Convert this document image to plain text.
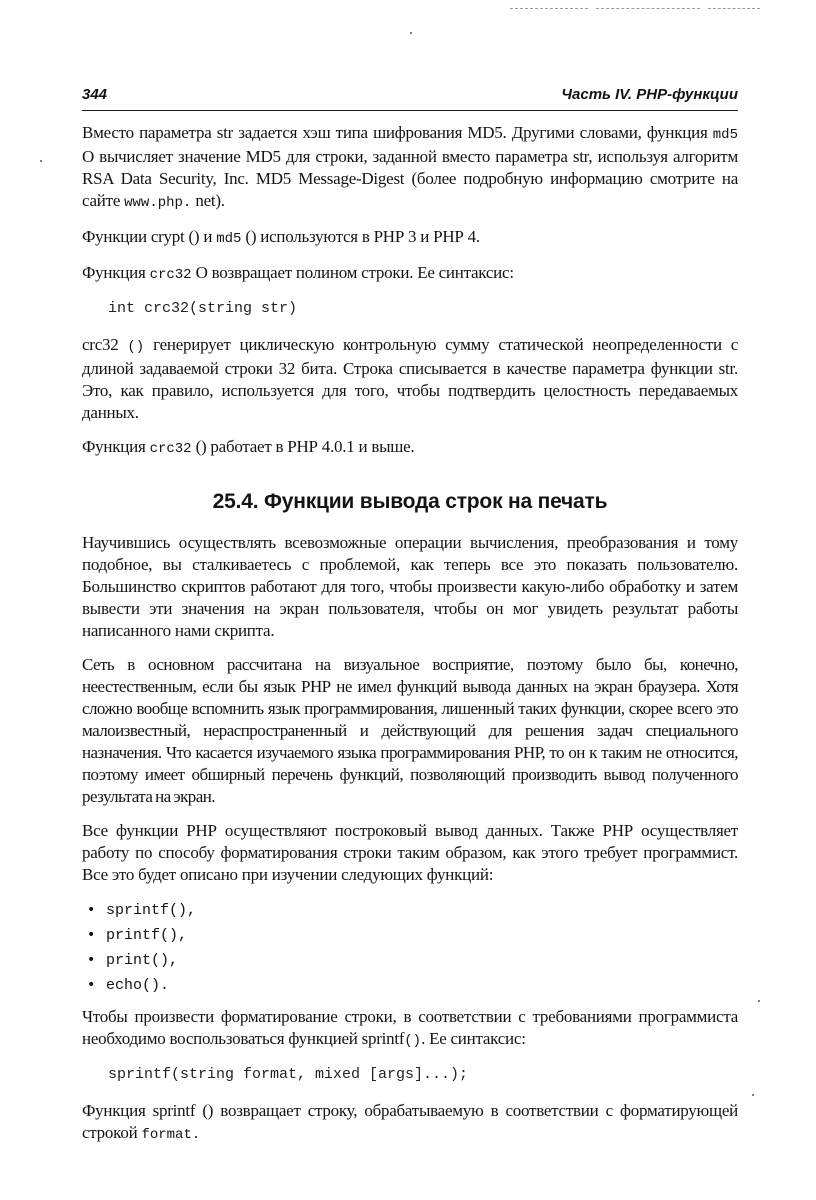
344	Часть IV. РНР-функции

Вместо параметра str задается хэш типа шифрования MD5. Другими словами, функция md5 O вычисляет значение MD5 для строки, заданной вместо параметра str, используя алгоритм RSA Data Security, Inc. MD5 Message-Digest (более подробную информацию смотрите на сайте www.php. net).

Функции crypt () и md5 () используются в РНР 3 и РНР 4.

Функция crc32 O возвращает полином строки. Ее синтаксис:

int crc32(string str)

crc32 () генерирует циклическую контрольную сумму статической неопределенности с длиной задаваемой строки 32 бита. Строка списывается в качестве параметра функции str. Это, как правило, используется для того, чтобы подтвердить целостность передаваемых данных.

Функция crc32 () работает в РНР 4.0.1 и выше.

25.4. Функции вывода строк на печать

Научившись осуществлять всевозможные операции вычисления, преобразования и тому подобное, вы сталкиваетесь с проблемой, как теперь все это показать пользователю. Большинство скриптов работают для того, чтобы произвести какую-либо обработку и затем вывести эти значения на экран пользователя, чтобы он мог увидеть результат работы написанного нами скрипта.

Сеть в основном рассчитана на визуальное восприятие, поэтому было бы, конечно, неестественным, если бы язык РНР не имел функций вывода данных на экран браузера. Хотя сложно вообще вспомнить язык программирования, лишенный таких функции, скорее всего это малоизвестный, нераспространенный и действующий для решения задач специального назначения. Что касается изучаемого языка программирования РНР, то он к таким не относится, поэтому имеет обширный перечень функций, позволяющий производить вывод полученного результата на экран.

Все функции РНР осуществляют построковый вывод данных. Также РНР осуществляет работу по способу форматирования строки таким образом, как этого требует программист. Все это будет описано при изучении следующих функций:

• sprintf(),
• printf(),
• print(),
• echo().

Чтобы произвести форматирование строки, в соответствии с требованиями программиста необходимо воспользоваться функцией sprintf(). Ее синтаксис:

sprintf(string format, mixed [args]...);

Функция sprintf () возвращает строку, обрабатываемую в соответствии с форматирующей строкой format.
